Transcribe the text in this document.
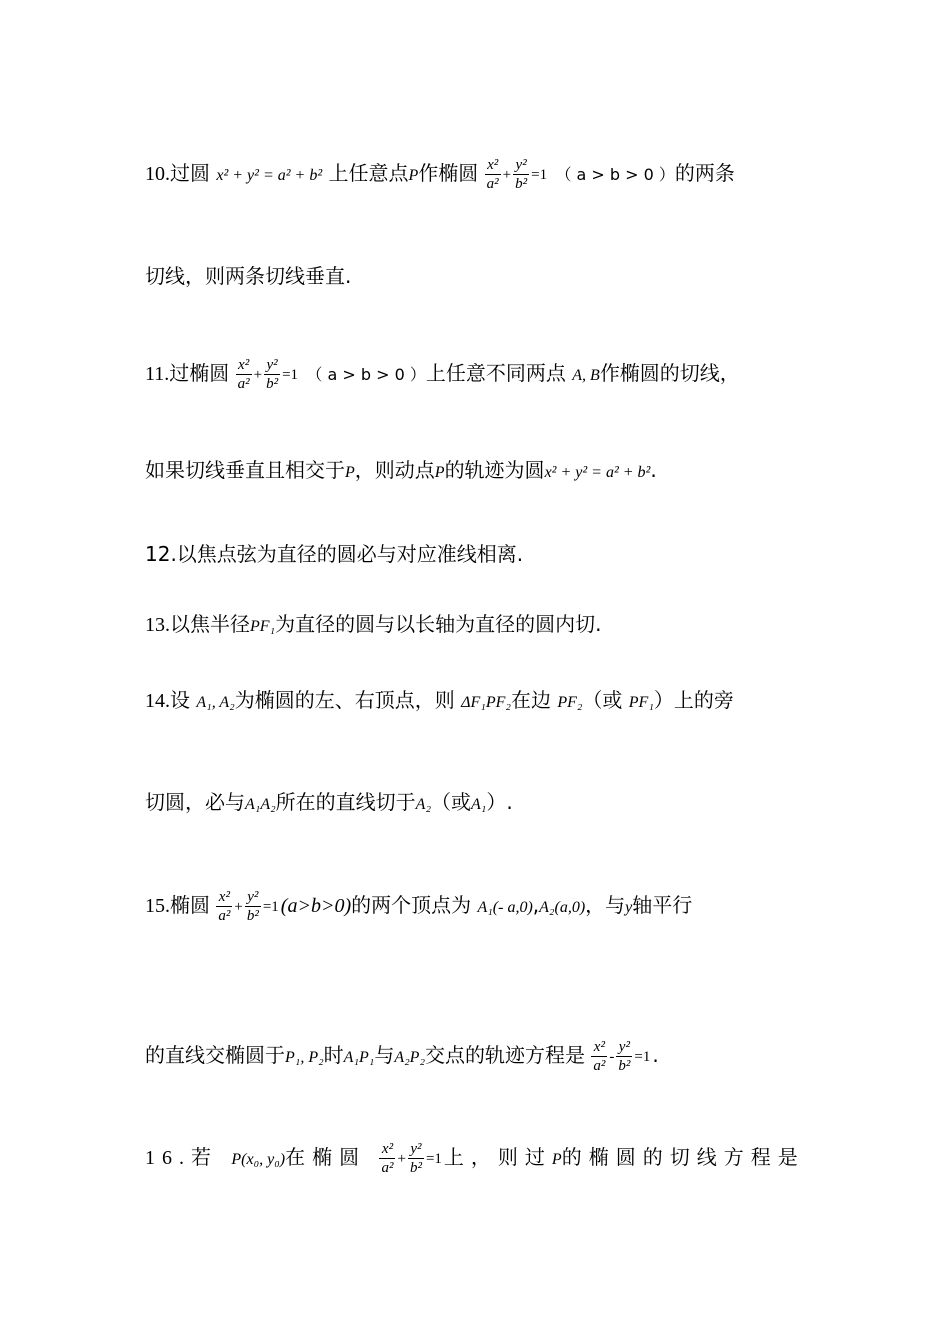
10.过圆 x² + y² = a² + b² 上任意点P作椭圆 $\frac{\text{x²}}{\text{a²}} + \frac{\text{y²}}{\text{b²}} =1$ （ a > b > 0 ）的两条
切线，则两条切线垂直.
11.过椭圆 $\frac{\text{x²}}{\text{a²}} + \frac{\text{y²}}{\text{b²}} =1$ （ a > b > 0 ）上任意不同两点 A, B作椭圆的切线，
如果切线垂直且相交于P，则动点P的轨迹为圆x² + y² = a² + b².
12.以焦点弦为直径的圆必与对应准线相离.
13.以焦半径PF₁为直径的圆与以长轴为直径的圆内切.
14.设 A₁, A₂为椭圆的左、右顶点，则 ΔF₁PF₂在边 PF₂（或 PF₁）上的旁
切圆，必与A₁A₂所在的直线切于A₂（或A₁）.
15.椭圆 $\frac{\text{x²}}{\text{a²}} + \frac{\text{y²}}{\text{b²}} =1$ (a>b>0)的两个顶点为 A₁(- a,0),A₂(a,0)，与y轴平行
的直线交椭圆于P₁, P₂时A₁P₁与A₂P₂交点的轨迹方程是 $\frac{\text{x²}}{\text{a²}} - \frac{\text{y²}}{\text{b²}} =1$ .
16.若 P(x₀, y₀)在椭圆 $\frac{\text{x²}}{\text{a²}} + \frac{\text{y²}}{\text{b²}} =1$ 上，则过P的椭圆的切线方程是
